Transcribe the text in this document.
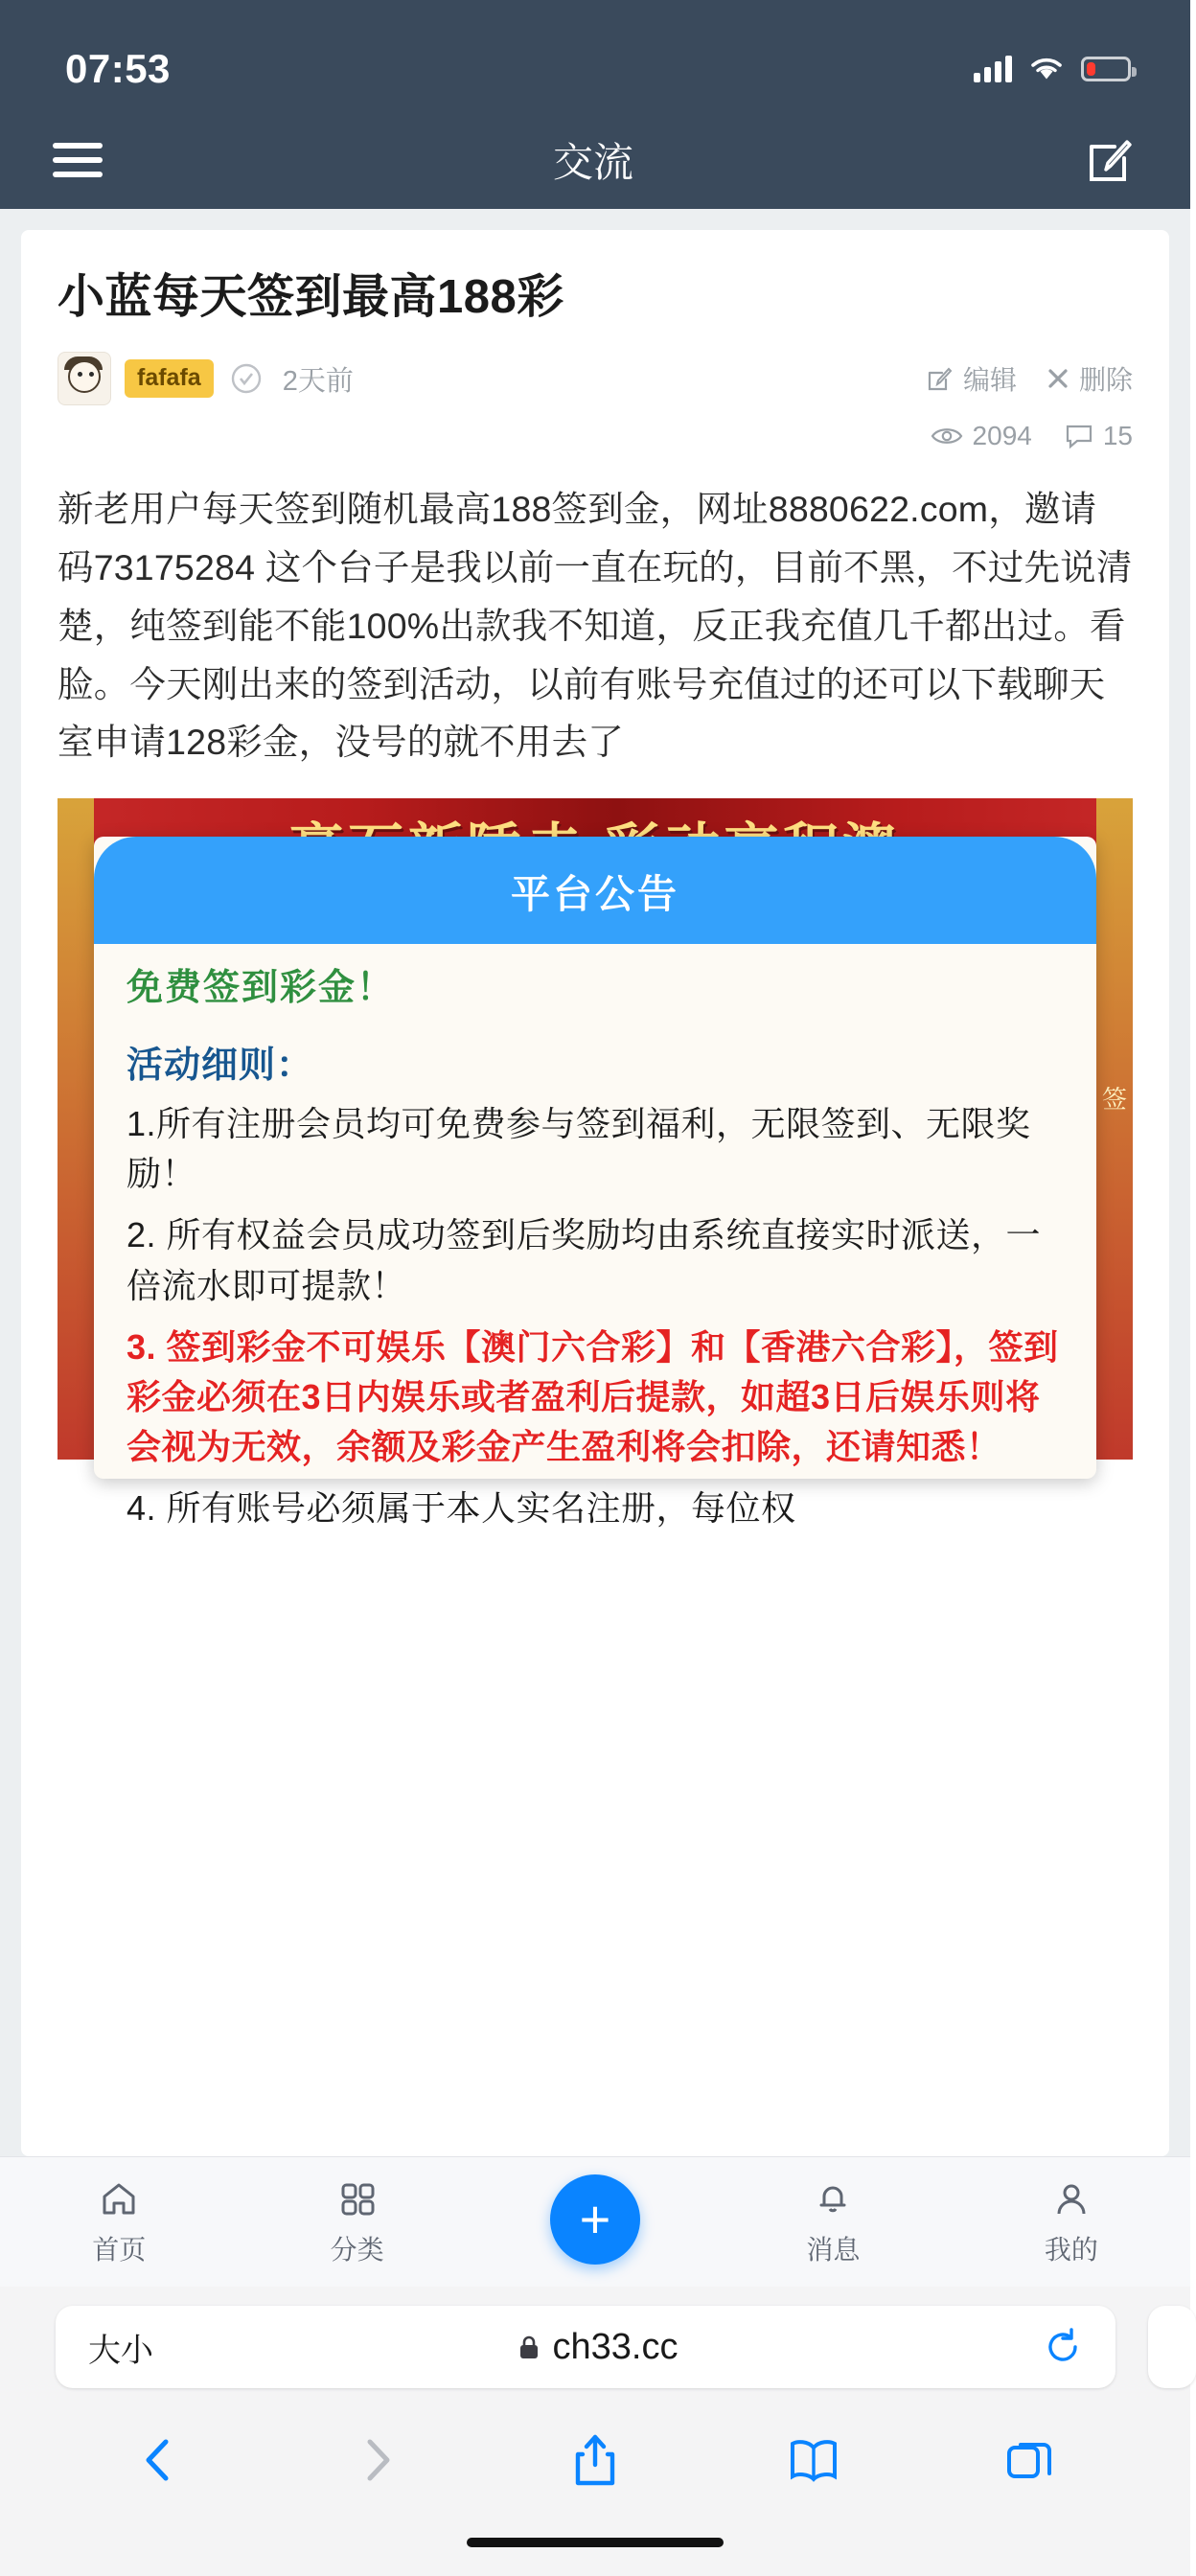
07:53
交流
小蓝每天签到最高188彩
fafafa	2天前	编辑 删除
2094	15
新老用户每天签到随机最高188签到金，网址8880622.com，邀请码73175284 这个台子是我以前一直在玩的，目前不黑，不过先说清楚，纯签到能不能100%出款我不知道，反正我充值几千都出过。看脸。今天刚出来的签到活动，以前有账号充值过的还可以下载聊天室申请128彩金，没号的就不用去了
签
平台公告
免费签到彩金！
活动细则：

1.所有注册会员均可免费参与签到福利，无限签到、无限奖励！

2. 所有权益会员成功签到后奖励均由系统直接实时派送，一倍流水即可提款！

3. 签到彩金不可娱乐【澳门六合彩】和【香港六合彩】，签到彩金必须在3日内娱乐或者盈利后提款，如超3日后娱乐则将会视为无效，余额及彩金产生盈利将会扣除，还请知悉！

4. 所有账号必须属于本人实名注册，每位权

首页	分类	消息	我的
+
大小	ch33.cc
